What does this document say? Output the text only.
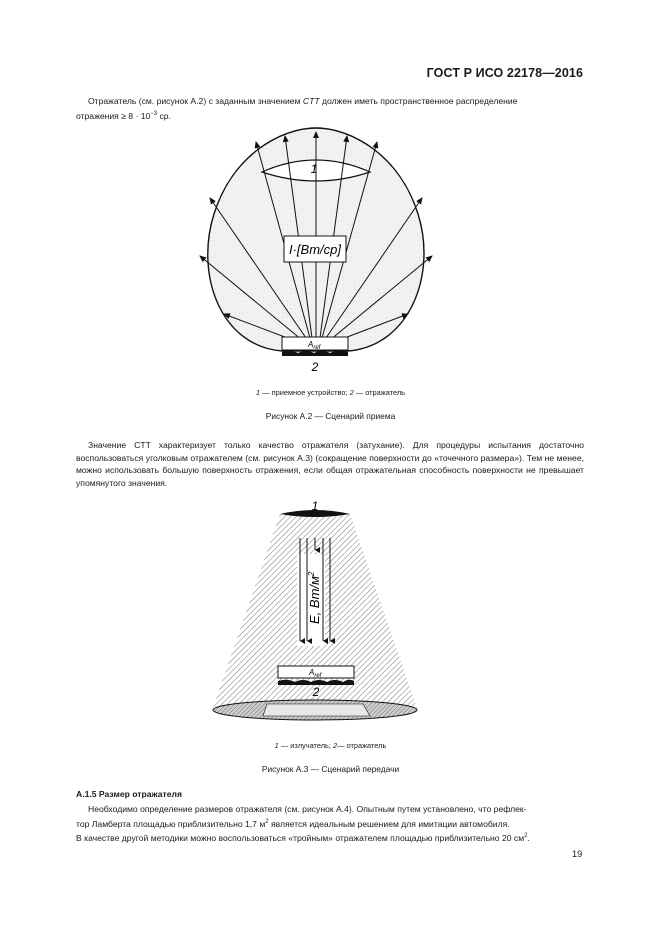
ГОСТ Р ИСО 22178—2016
Отражатель (см. рисунок А.2) с заданным значением CTT должен иметь пространственное распределение
отражения ≥ $8 \cdot 10^{-3}$ ср.
I·[Вт/ср]
1
$A_{ref}$
2
1 — приемное устройство; 2 — отражатель
Рисунок А.2 — Сценарий приема
Значение CTT характеризует только качество отражателя (затухание). Для процедуры испытания достаточно воспользоваться уголковым отражателем (см. рисунок А.3) (сокращение поверхности до «точечного размера»). Тем не менее, можно использовать большую поверхность отражения, если общая отражательная способность поверхности не превышает упомянутого значения.
1
E, $Вт/м^2$
$A_{ref}$
2
1 — излучатель; 2— отражатель
Рисунок А.3 — Сценарий передачи
А.1.5 Размер отражателя
Необходимо определение размеров отражателя (см. рисунок А.4). Опытным путем установлено, что рефлек-
тор Ламберта площадью приблизительно 1,7 $м^2$ является идеальным решением для имитации автомобиля.
В качестве другой методики можно воспользоваться «тройным» отражателем площадью приблизительно 20 $см^2$.
19
